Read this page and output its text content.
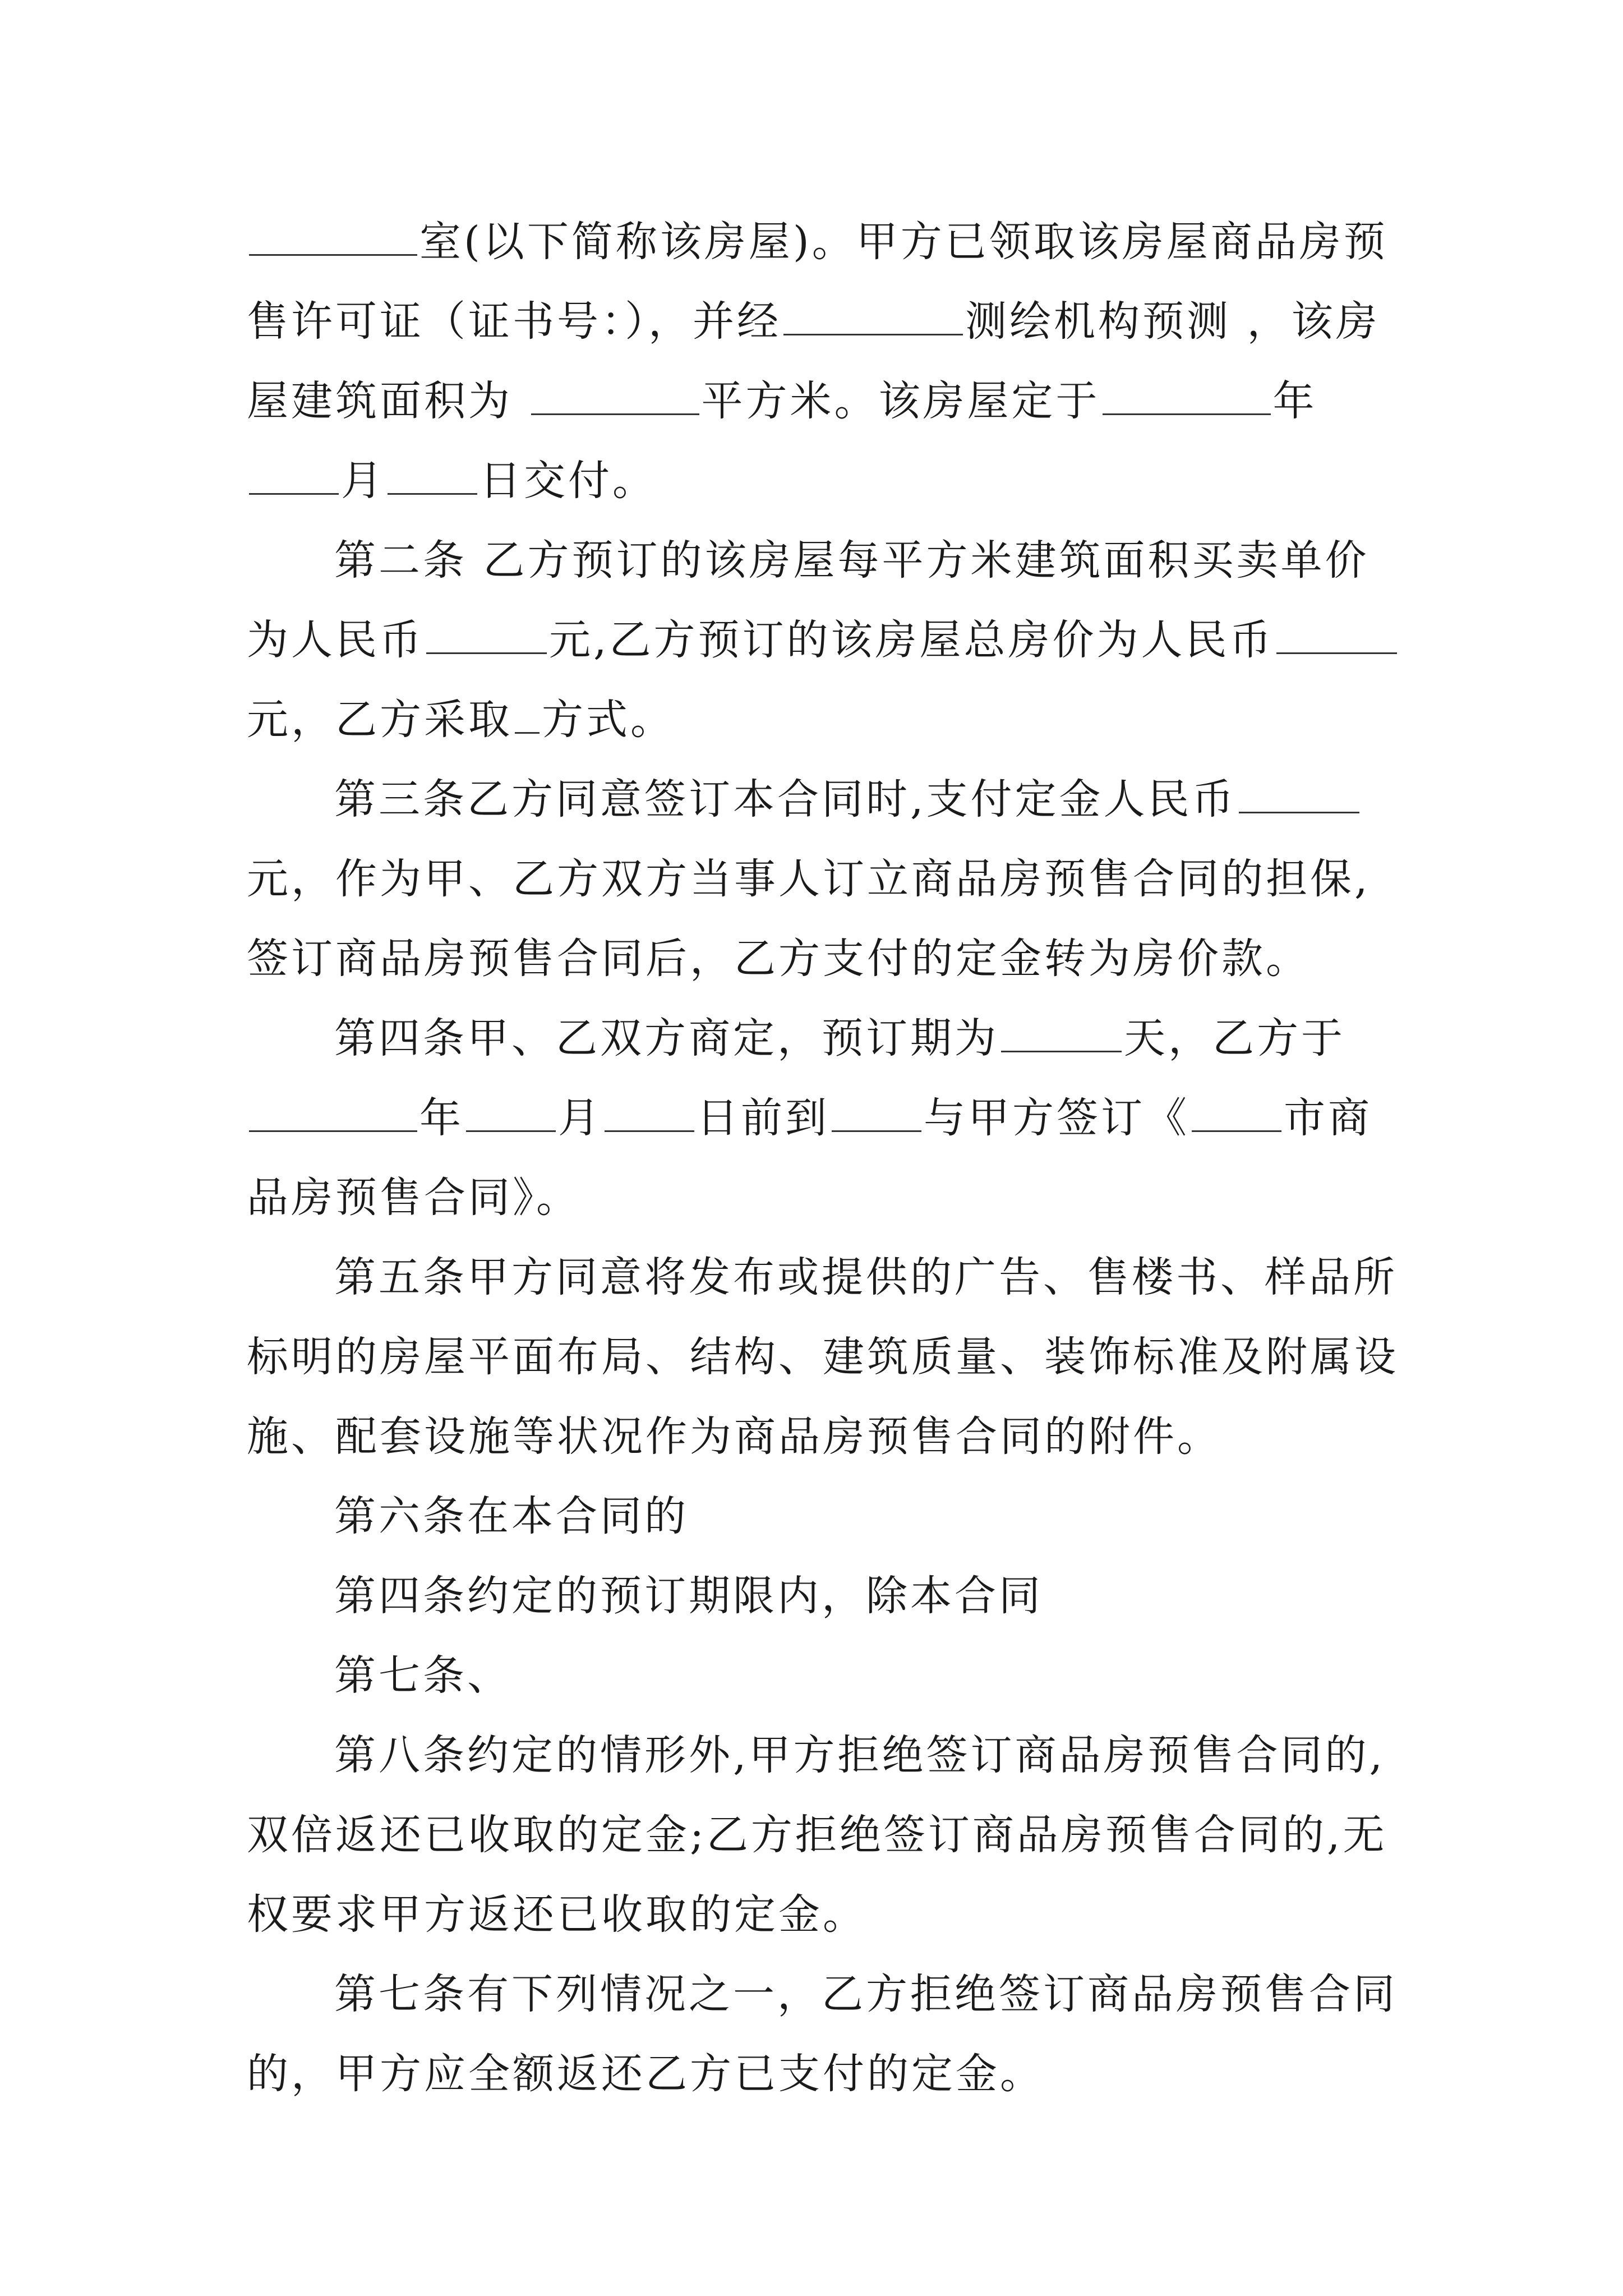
室(以下简称该房屋)。甲方已领取该房屋商品房预售许可证（证书号：），并经	测绘机构预测 ，该房屋建筑面积为	平方米。该房屋定于	年月 日交付。

第二条 乙方预订的该房屋每平方米建筑面积买卖单价为人民币	元,乙方预订的该房屋总房价为人民币元，乙方采取 方式。

第三条乙方同意签订本合同时,支付定金人民币元，作为甲、乙方双方当事人订立商品房预售合同的担保,签订商品房预售合同后，乙方支付的定金转为房价款。

第四条甲、乙双方商定，预订期为	天，乙方于年 月 日前到 与甲方签订《 市商品房预售合同》。

第五条甲方同意将发布或提供的广告、售楼书、样品所标明的房屋平面布局、结构、建筑质量、装饰标准及附属设施、配套设施等状况作为商品房预售合同的附件。

第六条在本合同的

第四条约定的预订期限内，除本合同

第七条、

第八条约定的情形外,甲方拒绝签订商品房预售合同的,双倍返还已收取的定金;乙方拒绝签订商品房预售合同的,无权要求甲方返还已收取的定金。

第七条有下列情况之一，乙方拒绝签订商品房预售合同的，甲方应全额返还乙方已支付的定金。
